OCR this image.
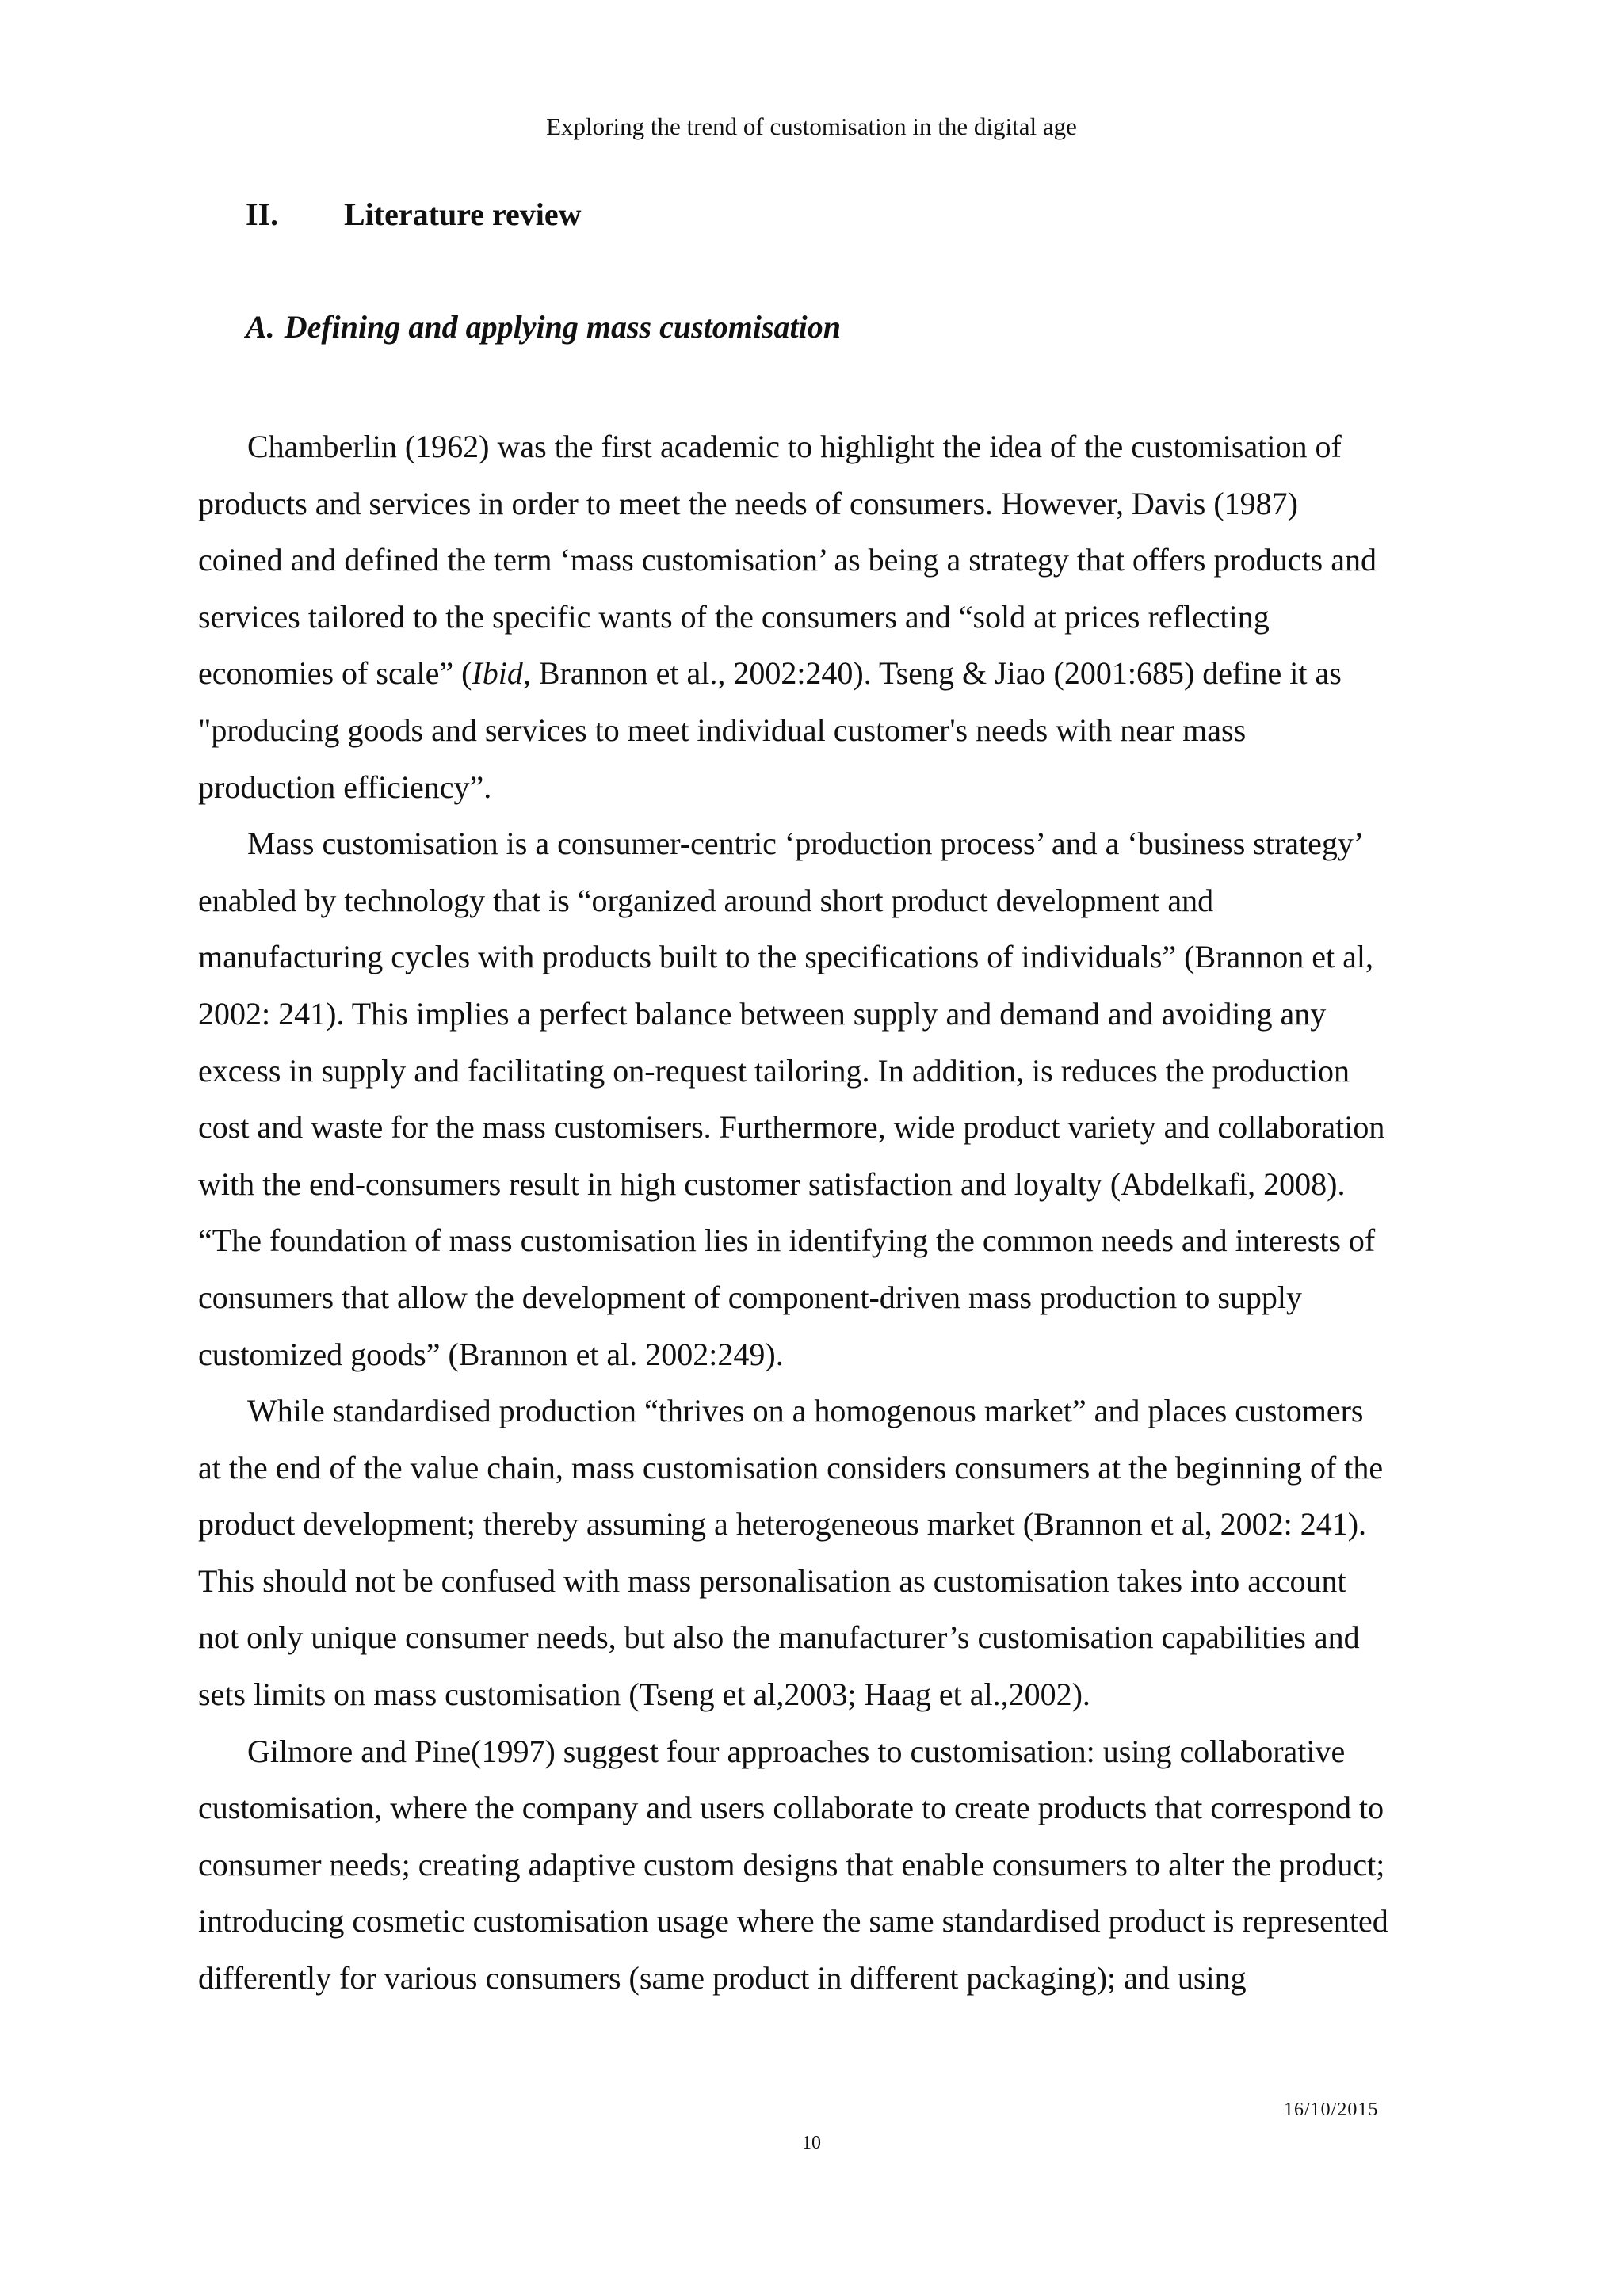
Exploring the trend of customisation in the digital age
II. Literature review
A. Defining and applying mass customisation

Chamberlin (1962) was the first academic to highlight the idea of the customisation of
products and services in order to meet the needs of consumers. However, Davis (1987)
coined and defined the term ‘mass customisation’ as being a strategy that offers products and
services tailored to the specific wants of the consumers and “sold at prices reflecting
economies of scale” (Ibid, Brannon et al., 2002:240). Tseng & Jiao (2001:685) define it as
"producing goods and services to meet individual customer's needs with near mass
production efficiency”.

Mass customisation is a consumer-centric ‘production process’ and a ‘business strategy’
enabled by technology that is “organized around short product development and
manufacturing cycles with products built to the specifications of individuals” (Brannon et al,
2002: 241). This implies a perfect balance between supply and demand and avoiding any
excess in supply and facilitating on-request tailoring. In addition, is reduces the production
cost and waste for the mass customisers. Furthermore, wide product variety and collaboration
with the end-consumers result in high customer satisfaction and loyalty (Abdelkafi, 2008).
“The foundation of mass customisation lies in identifying the common needs and interests of
consumers that allow the development of component-driven mass production to supply
customized goods” (Brannon et al. 2002:249).

While standardised production “thrives on a homogenous market” and places customers
at the end of the value chain, mass customisation considers consumers at the beginning of the
product development; thereby assuming a heterogeneous market (Brannon et al, 2002: 241).
This should not be confused with mass personalisation as customisation takes into account
not only unique consumer needs, but also the manufacturer’s customisation capabilities and
sets limits on mass customisation (Tseng et al,2003; Haag et al.,2002).

Gilmore and Pine(1997) suggest four approaches to customisation: using collaborative
customisation, where the company and users collaborate to create products that correspond to
consumer needs; creating adaptive custom designs that enable consumers to alter the product;
introducing cosmetic customisation usage where the same standardised product is represented
differently for various consumers (same product in different packaging); and using

16/10/2015
10
